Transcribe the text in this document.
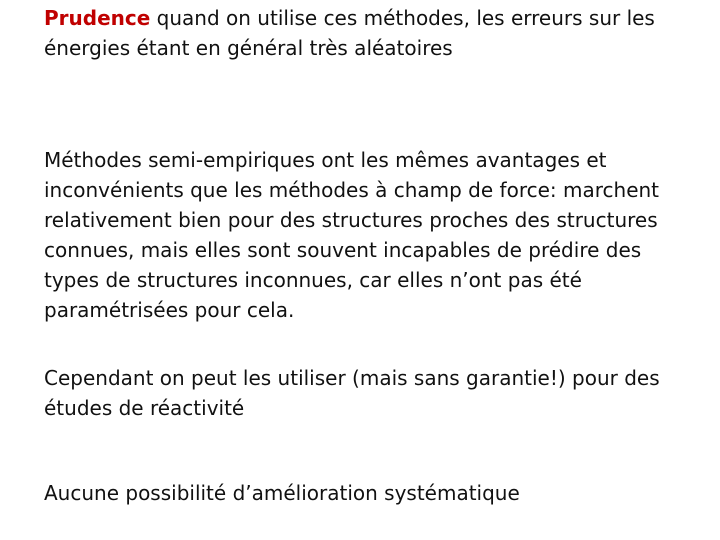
Prudence quand on utilise ces méthodes, les erreurs sur les énergies étant en général très aléatoires

Méthodes semi-empiriques ont les mêmes avantages et inconvénients que les méthodes à champ de force: marchent relativement bien pour des structures proches des structures connues, mais elles sont souvent incapables de prédire des types de structures inconnues, car elles n’ont pas été paramétrisées pour cela.

Cependant on peut les utiliser (mais sans garantie!) pour des études de réactivité

Aucune possibilité d’amélioration systématique
